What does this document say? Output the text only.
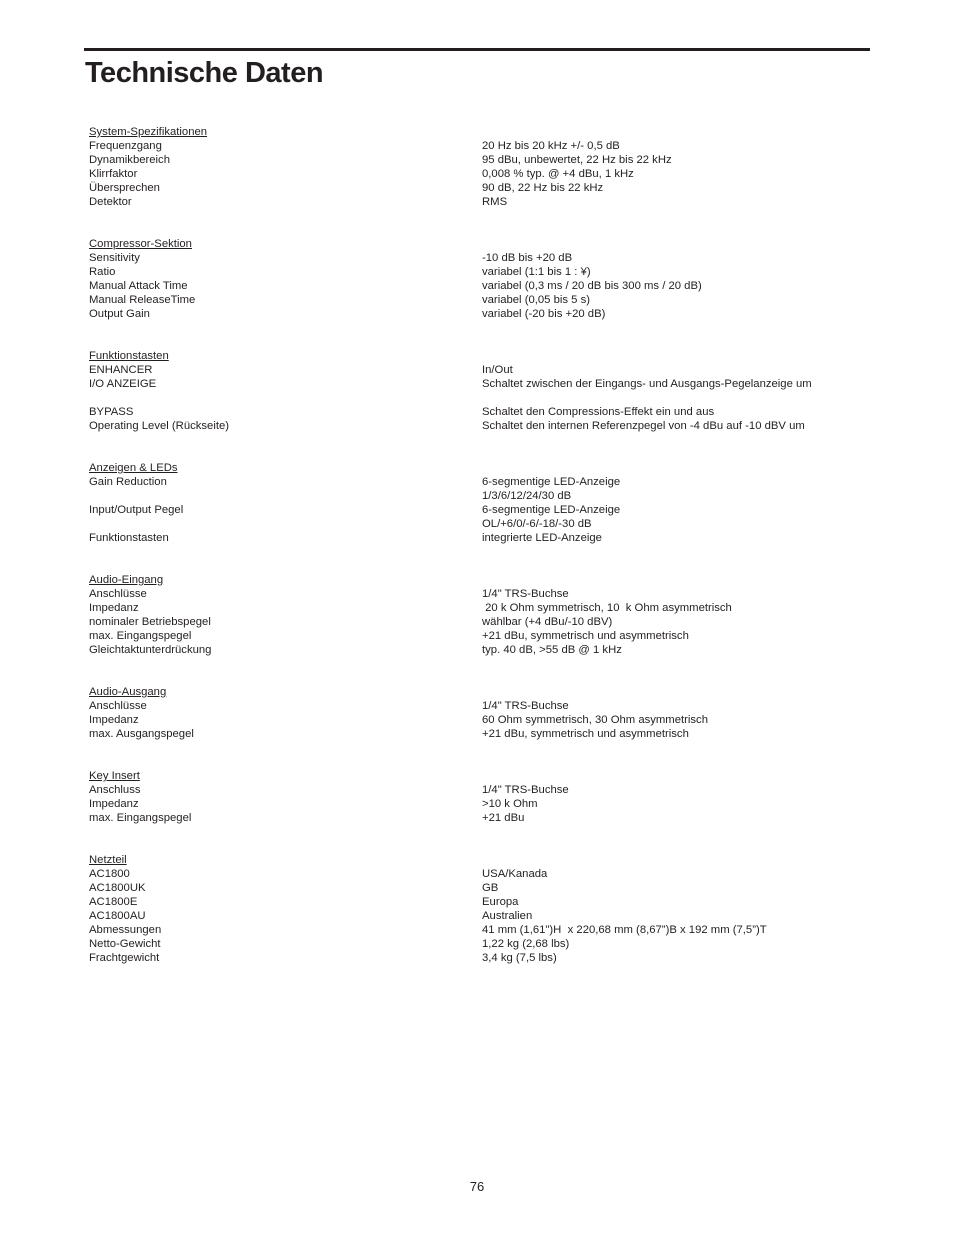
Technische Daten
System-Spezifikationen
Frequenzgang	20 Hz bis 20 kHz +/- 0,5 dB
Dynamikbereich	95 dBu, unbewertet, 22 Hz bis 22 kHz
Klirrfaktor	0,008 % typ. @ +4 dBu, 1 kHz
Übersprechen	90 dB, 22 Hz bis 22 kHz
Detektor	RMS
Compressor-Sektion
Sensitivity	-10 dB bis +20 dB
Ratio	variabel (1:1 bis 1 : ¥)
Manual Attack Time	variabel (0,3 ms / 20 dB bis 300 ms / 20 dB)
Manual ReleaseTime	variabel (0,05 bis 5 s)
Output Gain	variabel (-20 bis +20 dB)
Funktionstasten
ENHANCER	In/Out
I/O ANZEIGE	Schaltet zwischen der Eingangs- und Ausgangs-Pegelanzeige um
BYPASS	Schaltet den Compressions-Effekt ein und aus
Operating Level (Rückseite)	Schaltet den internen Referenzpegel von -4 dBu auf -10 dBV um
Anzeigen & LEDs
Gain Reduction	6-segmentige LED-Anzeige
1/3/6/12/24/30 dB
Input/Output Pegel	6-segmentige LED-Anzeige
OL/+6/0/-6/-18/-30 dB
Funktionstasten	integrierte LED-Anzeige
Audio-Eingang
Anschlüsse	1/4" TRS-Buchse
Impedanz	20 k Ohm symmetrisch, 10  k Ohm asymmetrisch
nominaler Betriebspegel	wählbar (+4 dBu/-10 dBV)
max. Eingangspegel	+21 dBu, symmetrisch und asymmetrisch
Gleichtaktunterdrückung	typ. 40 dB, >55 dB @ 1 kHz
Audio-Ausgang
Anschlüsse	1/4" TRS-Buchse
Impedanz	60 Ohm symmetrisch, 30 Ohm asymmetrisch
max. Ausgangspegel	+21 dBu, symmetrisch und asymmetrisch
Key Insert
Anschluss	1/4" TRS-Buchse
Impedanz	>10 k Ohm
max. Eingangspegel	+21 dBu
Netzteil
AC1800	USA/Kanada
AC1800UK	GB
AC1800E	Europa
AC1800AU	Australien
Abmessungen	41 mm (1,61")H  x 220,68 mm (8,67”)B x 192 mm (7,5”)T
Netto-Gewicht	1,22 kg (2,68 lbs)
Frachtgewicht	3,4 kg (7,5 lbs)
76
